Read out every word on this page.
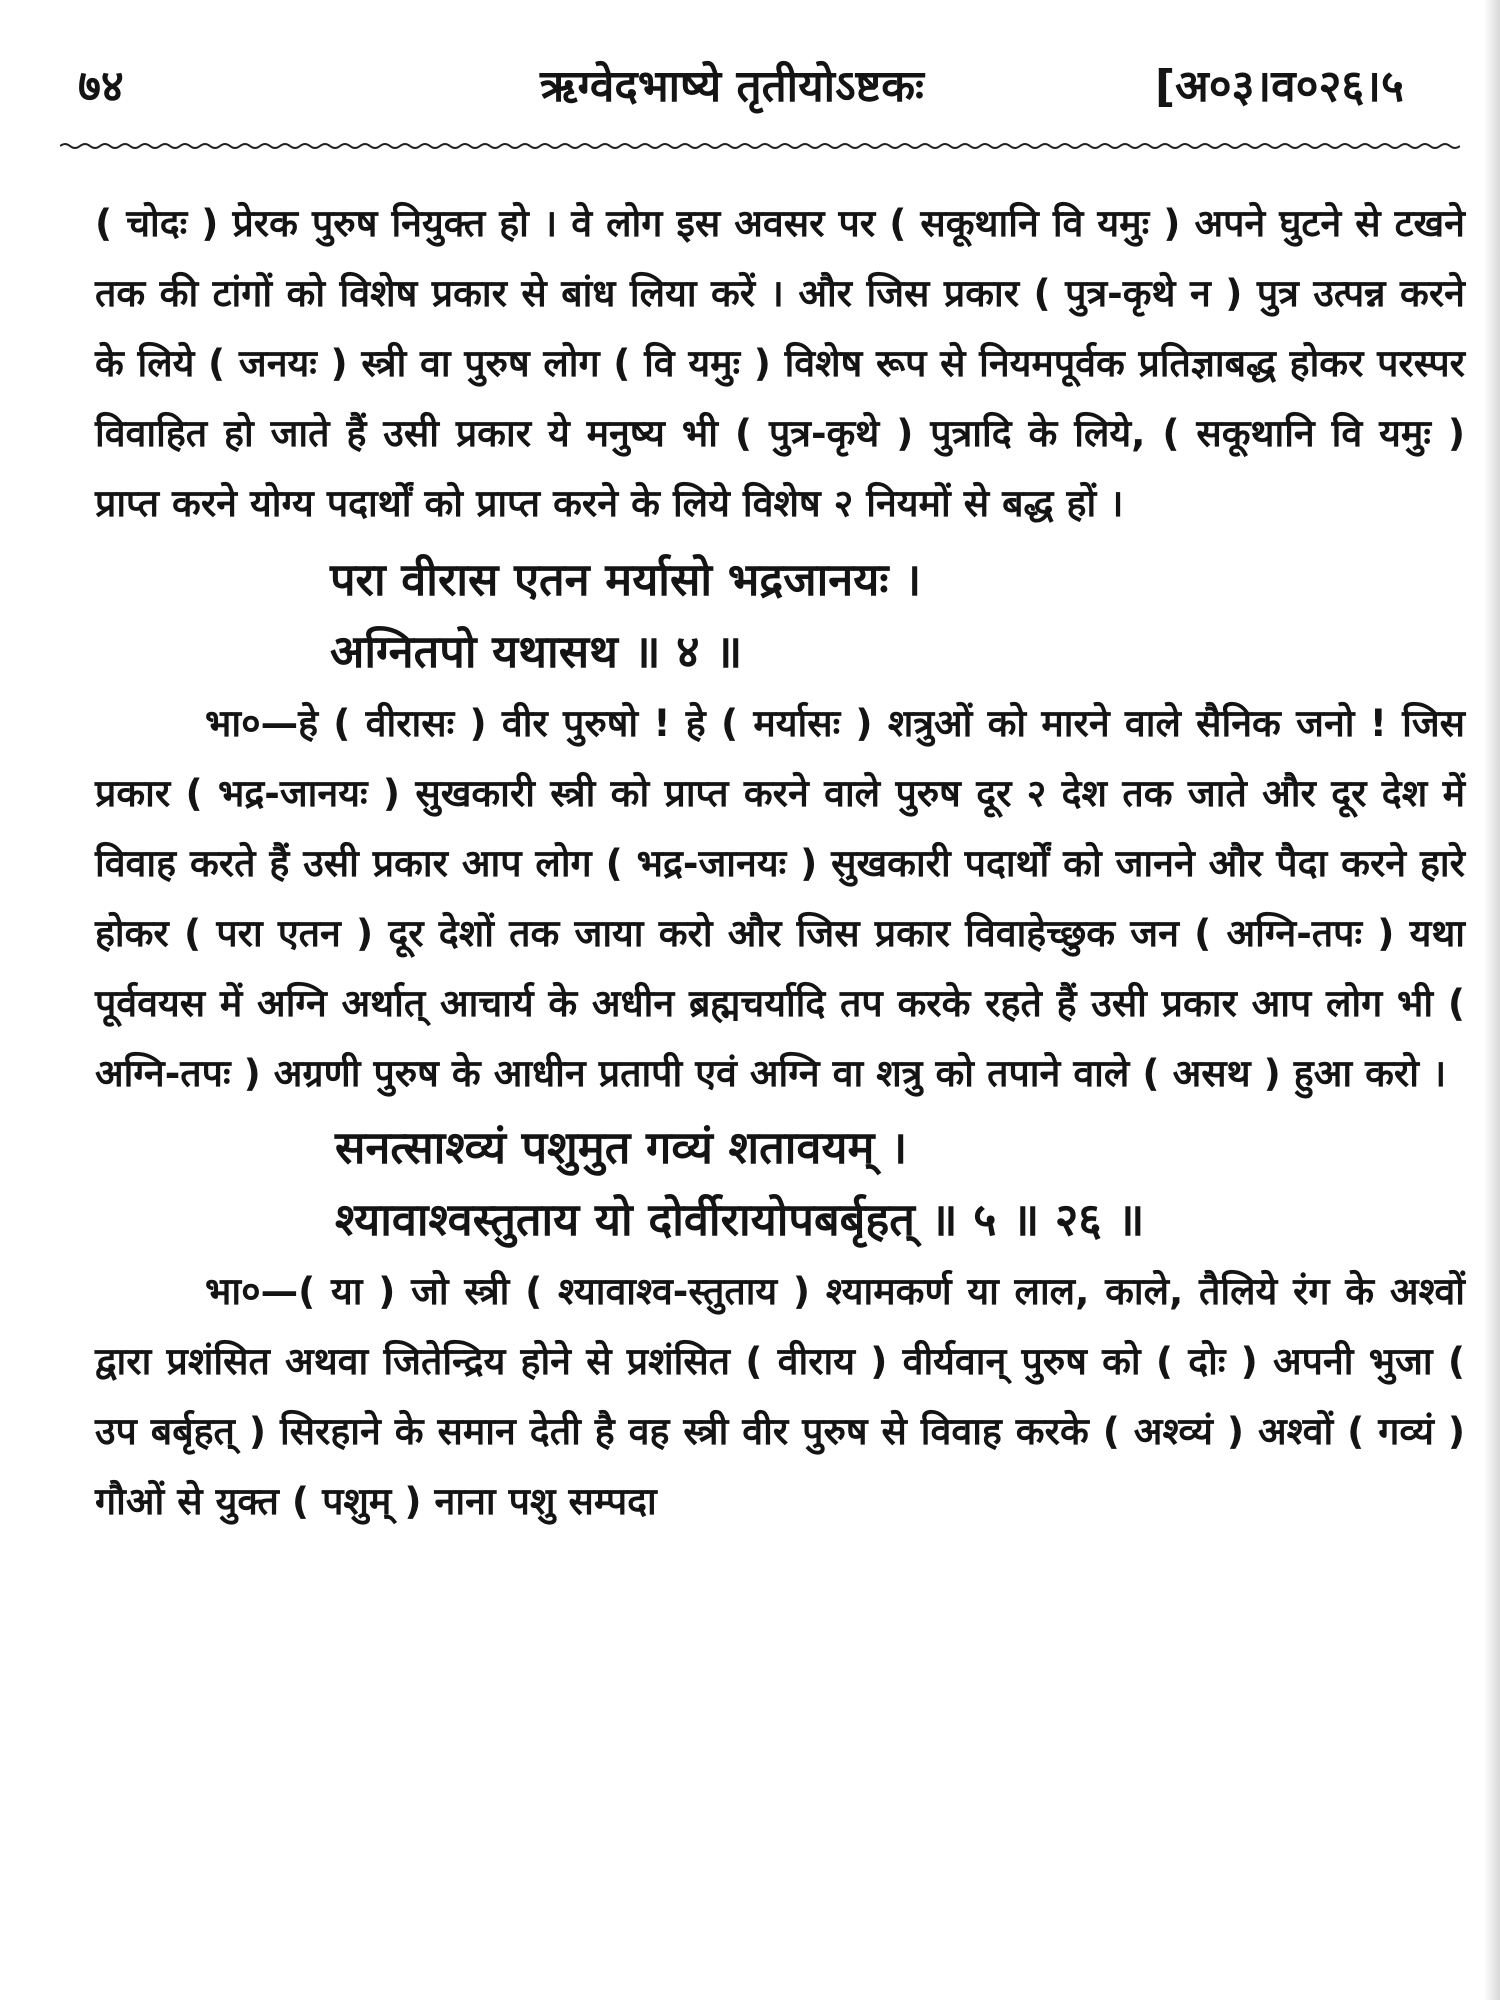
७४	ऋग्वेदभाष्ये तृतीयोऽष्टकः	[अ०३।व०२६।५

( चोदः ) प्रेरक पुरुष नियुक्त हो । वे लोग इस अवसर पर ( सकूथानि वि यमुः ) अपने घुटने से टखने तक की टांगों को विशेष प्रकार से बांध लिया करें । और जिस प्रकार ( पुत्र-कृथे न ) पुत्र उत्पन्न करने के लिये ( जनयः ) स्त्री वा पुरुष लोग ( वि यमुः ) विशेष रूप से नियमपूर्वक प्रतिज्ञाबद्ध होकर परस्पर विवाहित हो जाते हैं उसी प्रकार ये मनुष्य भी ( पुत्र-कृथे ) पुत्रादि के लिये, ( सकूथानि वि यमुः ) प्राप्त करने योग्य पदार्थों को प्राप्त करने के लिये विशेष २ नियमों से बद्ध हों ।

परा वीरास एतन मर्यासो भद्रजानयः ।

अग्नितपो यथासथ ॥ ४ ॥

भा०—हे ( वीरासः ) वीर पुरुषो ! हे ( मर्यासः ) शत्रुओं को मारने वाले सैनिक जनो ! जिस प्रकार ( भद्र-जानयः ) सुखकारी स्त्री को प्राप्त करने वाले पुरुष दूर २ देश तक जाते और दूर देश में विवाह करते हैं उसी प्रकार आप लोग ( भद्र-जानयः ) सुखकारी पदार्थों को जानने और पैदा करने हारे होकर ( परा एतन ) दूर देशों तक जाया करो और जिस प्रकार विवाहेच्छुक जन ( अग्नि-तपः ) यथा पूर्ववयस में अग्नि अर्थात् आचार्य के अधीन ब्रह्मचर्यादि तप करके रहते हैं उसी प्रकार आप लोग भी ( अग्नि-तपः ) अग्रणी पुरुष के आधीन प्रतापी एवं अग्नि वा शत्रु को तपाने वाले ( असथ ) हुआ करो ।

सनत्साश्व्यं पशुमुत गव्यं शतावयम् ।

श्यावाश्वस्तुताय यो दोर्वीरायोपबर्बृहत् ॥ ५ ॥ २६ ॥

भा०—( या ) जो स्त्री ( श्यावाश्व-स्तुताय ) श्यामकर्ण या लाल, काले, तैलिये रंग के अश्वों द्वारा प्रशंसित अथवा जितेन्द्रिय होने से प्रशंसित ( वीराय ) वीर्यवान् पुरुष को ( दोः ) अपनी भुजा ( उप बर्बृहत् ) सिरहाने के समान देती है वह स्त्री वीर पुरुष से विवाह करके ( अश्व्यं ) अश्वों ( गव्यं ) गौओं से युक्त ( पशुम् ) नाना पशु सम्पदा
